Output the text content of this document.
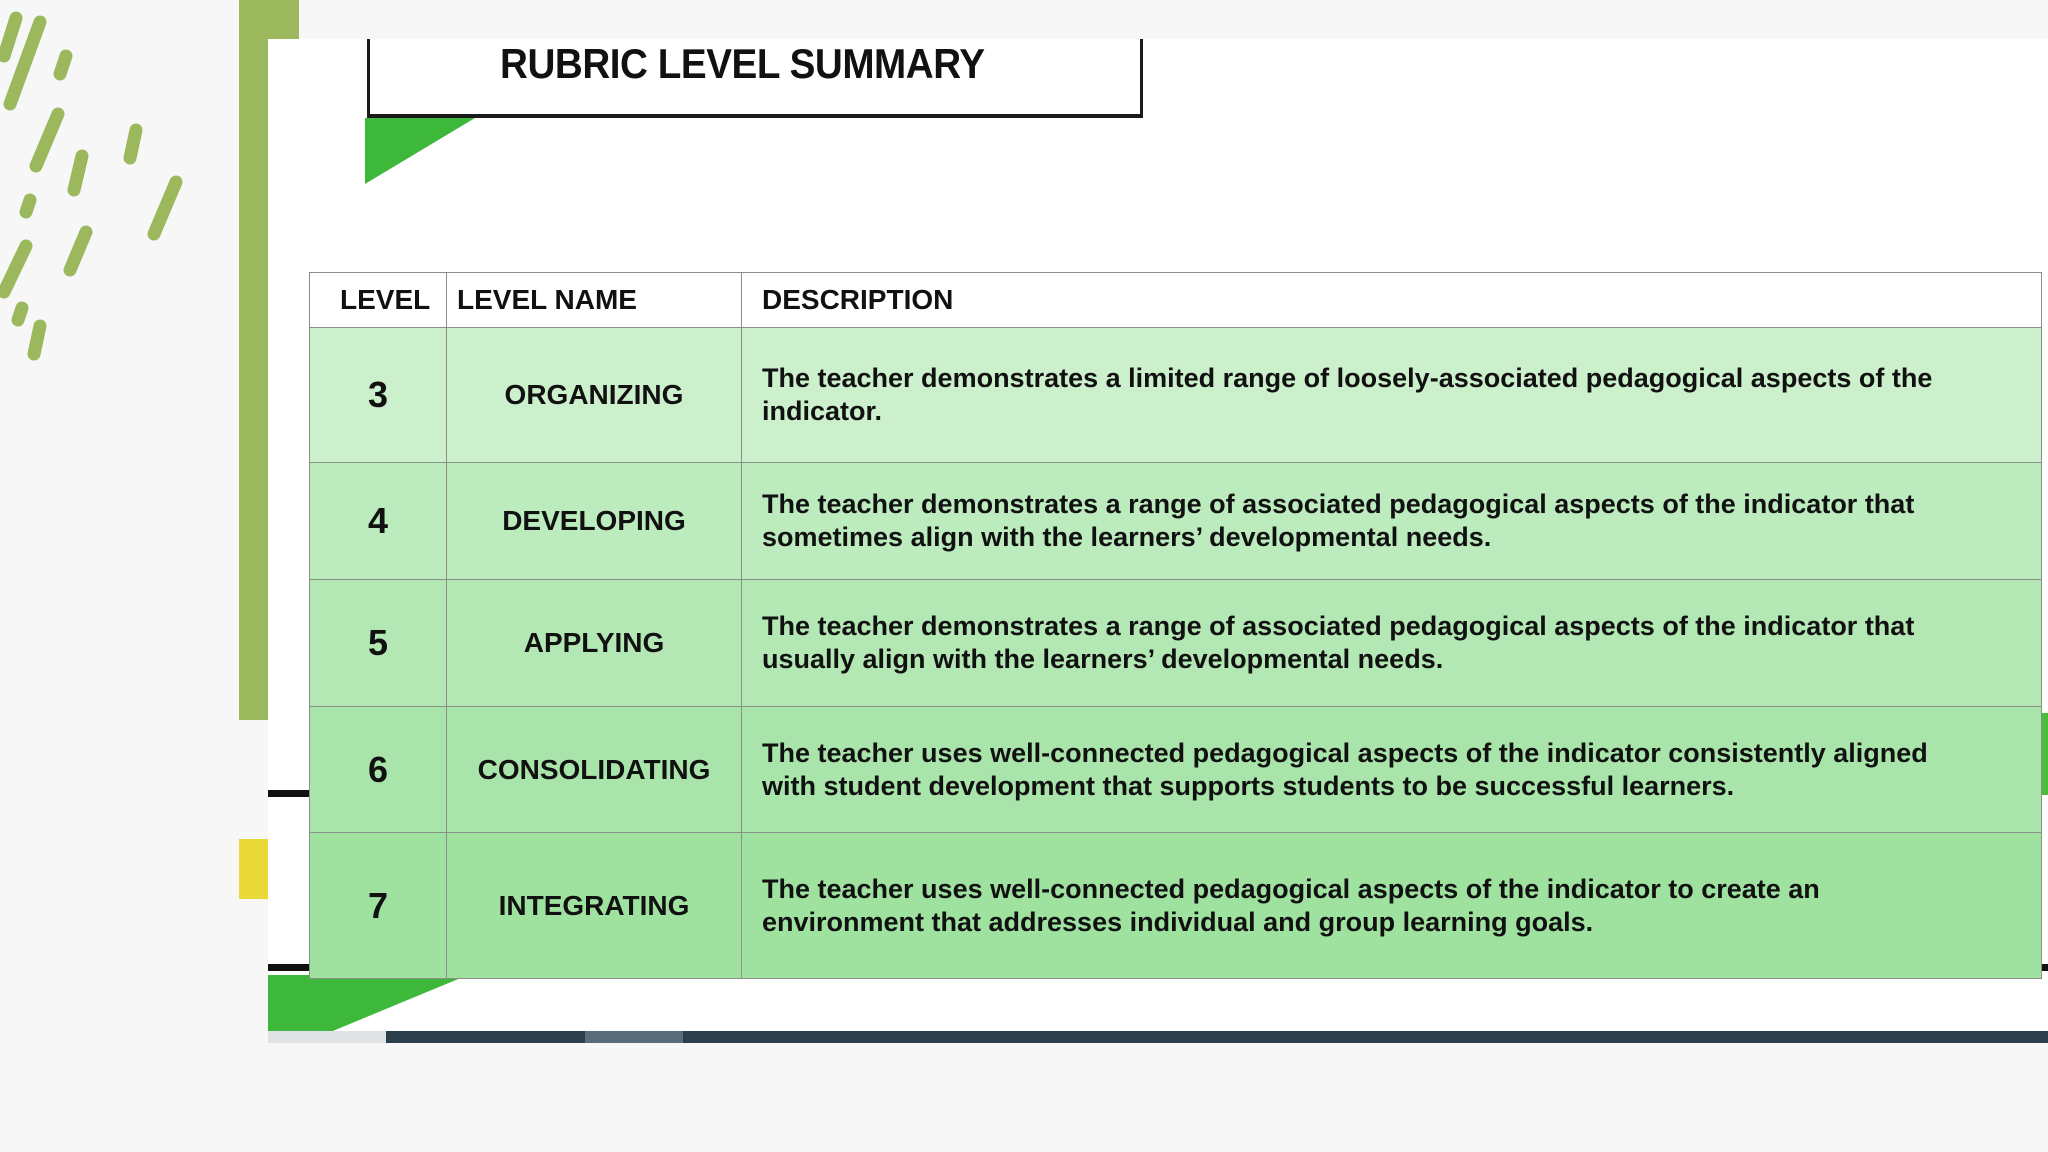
RUBRIC LEVEL SUMMARY
LEVEL	LEVEL NAME	DESCRIPTION
3	ORGANIZING	The teacher demonstrates a limited range of loosely-associated pedagogical aspects of the indicator.
4	DEVELOPING	The teacher demonstrates a range of associated pedagogical aspects of the indicator that sometimes align with the learners’ developmental needs.
5	APPLYING	The teacher demonstrates a range of associated pedagogical aspects of the indicator that usually align with the learners’ developmental needs.
6	CONSOLIDATING	The teacher uses well-connected pedagogical aspects of the indicator consistently aligned with student development that supports students to be successful learners.
7	INTEGRATING	The teacher uses well-connected pedagogical aspects of the indicator to create an environment that addresses individual and group learning goals.
